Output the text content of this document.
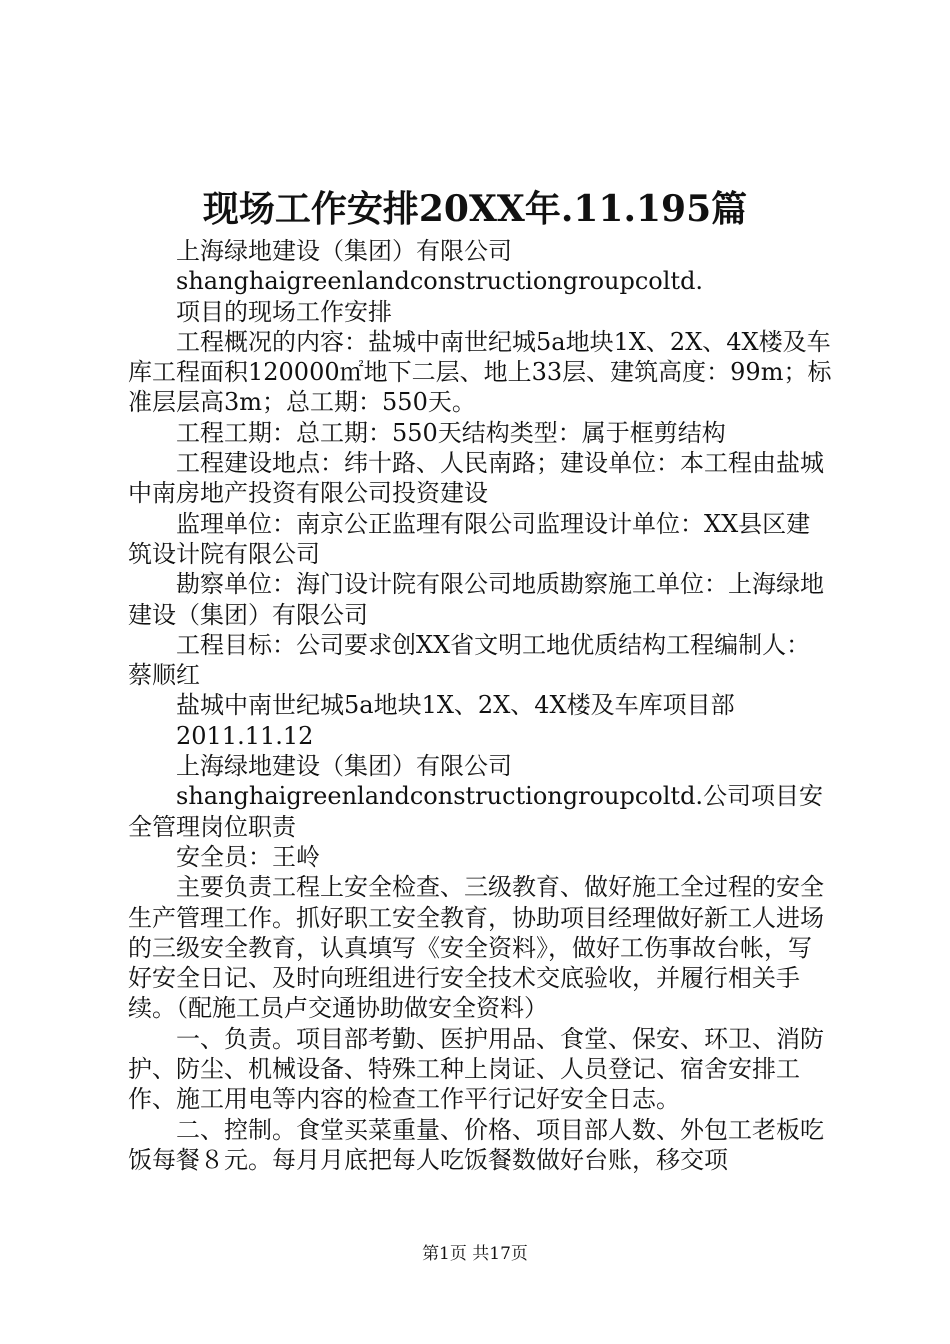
现场工作安排20XX年.11.195篇

上海绿地建设（集团）有限公司

shanghaigreenlandconstructiongroupcoltd.

项目的现场工作安排

工程概况的内容：盐城中南世纪城5a地块1X、2X、4X楼及车库工程面积120000㎡地下二层、地上33层、建筑高度：99m；标准层层高3m；总工期：550天。

工程工期：总工期：550天结构类型：属于框剪结构

工程建设地点：纬十路、人民南路；建设单位：本工程由盐城中南房地产投资有限公司投资建设

监理单位：南京公正监理有限公司监理设计单位：XX县区建筑设计院有限公司

勘察单位：海门设计院有限公司地质勘察施工单位：上海绿地建设（集团）有限公司

工程目标：公司要求创XX省文明工地优质结构工程编制人：蔡顺红

盐城中南世纪城5a地块1X、2X、4X楼及车库项目部

2011.11.12

上海绿地建设（集团）有限公司

shanghaigreenlandconstructiongroupcoltd.公司项目安全管理岗位职责

安全员：王岭

主要负责工程上安全检查、三级教育、做好施工全过程的安全生产管理工作。抓好职工安全教育，协助项目经理做好新工人进场的三级安全教育，认真填写《安全资料》，做好工伤事故台帐，写好安全日记、及时向班组进行安全技术交底验收，并履行相关手续。（配施工员卢交通协助做安全资料）

一、负责。项目部考勤、医护用品、食堂、保安、环卫、消防护、防尘、机械设备、特殊工种上岗证、人员登记、宿舍安排工作、施工用电等内容的检查工作平行记好安全日志。

二、控制。食堂买菜重量、价格、项目部人数、外包工老板吃饭每餐８元。每月月底把每人吃饭餐数做好台账，移交项

第1页 共17页
